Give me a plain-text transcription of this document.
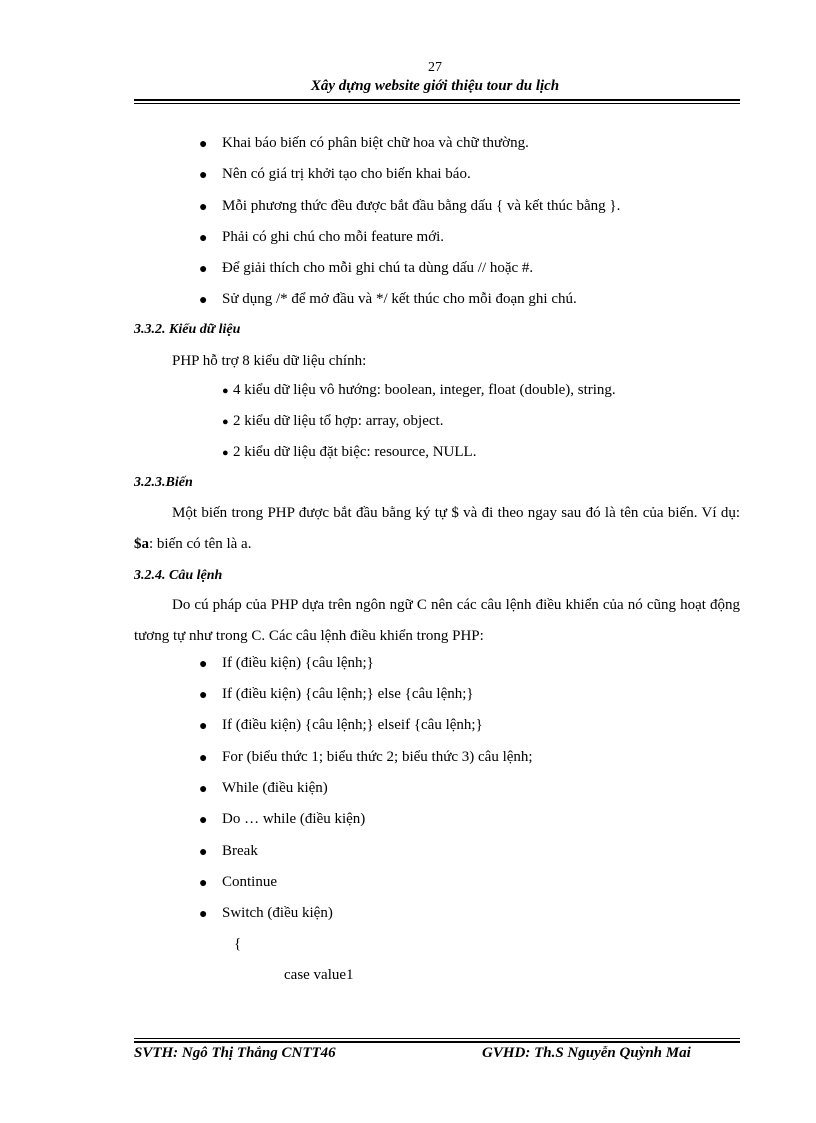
27
Xây dựng website giới thiệu tour du lịch
● Khai báo biến có phân biệt chữ hoa và chữ thường.
● Nên có giá trị khởi tạo cho biến khai báo.
● Mỗi phương thức đều được bắt đầu bằng dấu { và kết thúc bằng }.
● Phải có ghi chú cho mỗi feature mới.
● Để giải thích cho mỗi ghi chú ta dùng dấu // hoặc #.
● Sử dụng /* để mở đầu và */ kết thúc cho mỗi đoạn ghi chú.
3.3.2. Kiểu dữ liệu
PHP hỗ trợ 8 kiểu dữ liệu chính:
● 4 kiểu dữ liệu vô hướng: boolean, integer, float (double), string.
● 2 kiểu dữ liệu tổ hợp: array, object.
● 2 kiểu dữ liệu đặt biệc: resource, NULL.
3.2.3.Biến
Một biến trong PHP được bắt đầu bằng ký tự $ và đi theo ngay sau đó là tên của biến. Ví dụ: $a: biến có tên là a.
3.2.4. Câu lệnh
Do cú pháp của PHP dựa trên ngôn ngữ C nên các câu lệnh điều khiển của nó cũng hoạt động tương tự như trong C. Các câu lệnh điều khiển trong PHP:
● If (điều kiện) {câu lệnh;}
● If (điều kiện) {câu lệnh;} else {câu lệnh;}
● If (điều kiện) {câu lệnh;} elseif {câu lệnh;}
● For (biểu thức 1; biểu thức 2; biểu thức 3) câu lệnh;
● While (điều kiện)
● Do … while (điều kiện)
● Break
● Continue
● Switch (điều kiện)
{
case value1
SVTH: Ngô Thị Thắng CNTT46	GVHD: Th.S Nguyễn Quỳnh Mai
